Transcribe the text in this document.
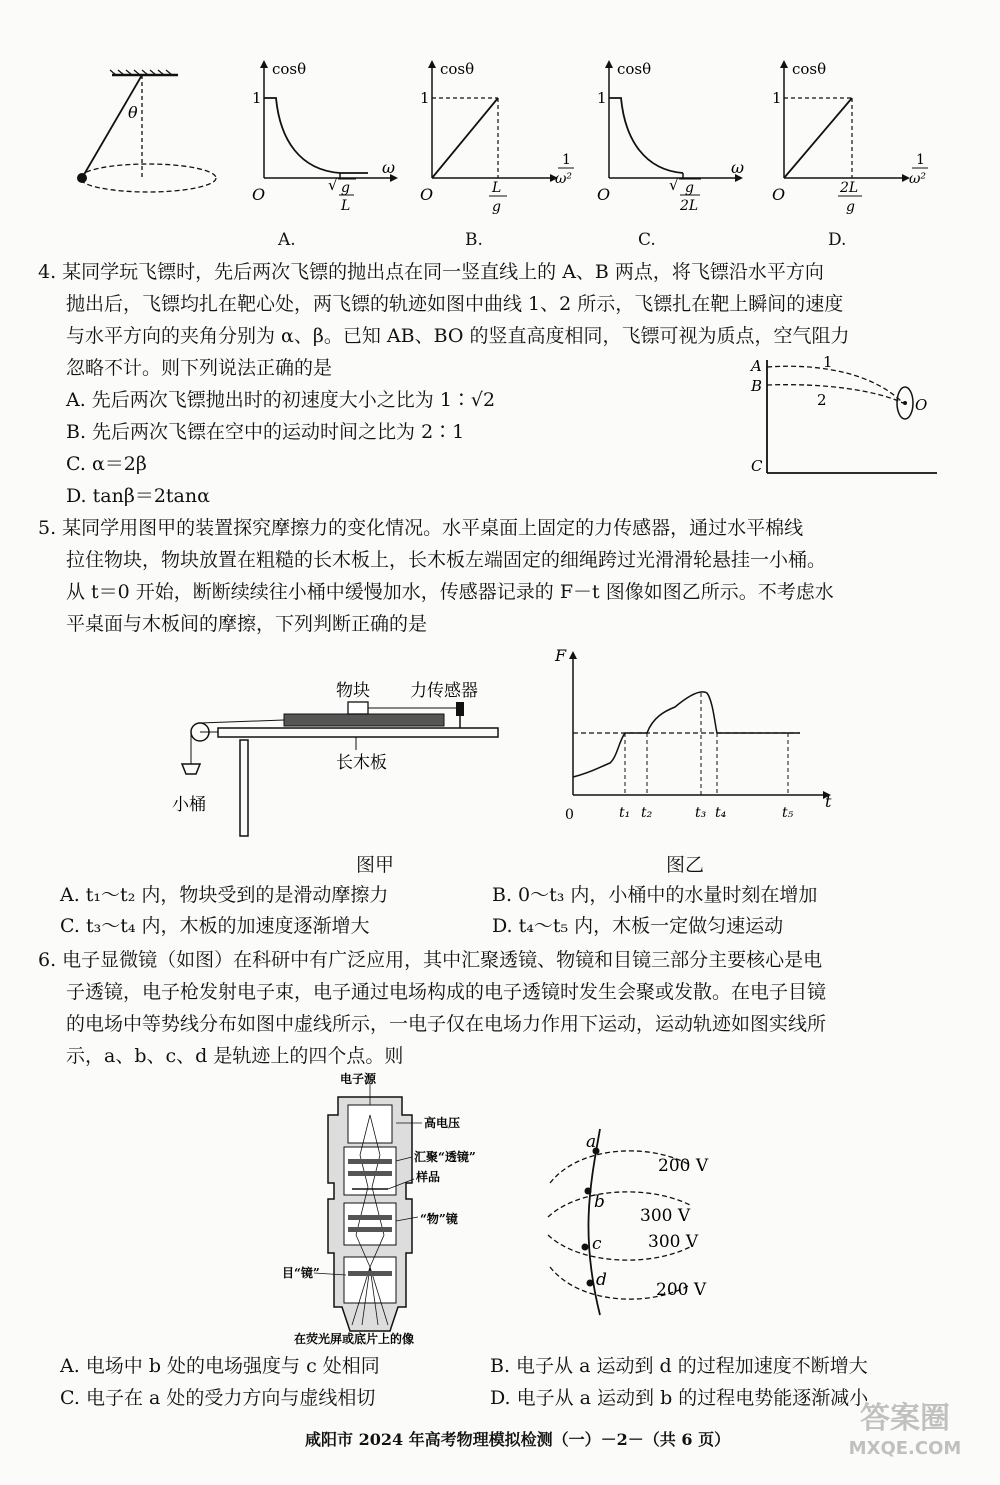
θ
cosθ
ω
1
O	√ g
L
cosθ
1
ω²
1
O	L
g
cosθ
ω
1
O	√ g
2L
cosθ
1
ω²
1
O	2L
g
A.	B.	C.	D.
4. 某同学玩飞镖时，先后两次飞镖的抛出点在同一竖直线上的 A、B 两点，将飞镖沿水平方向
抛出后，飞镖均扎在靶心处，两飞镖的轨迹如图中曲线 1、2 所示，飞镖扎在靶上瞬间的速度
与水平方向的夹角分别为 α、β。已知 AB、BO 的竖直高度相同，飞镖可视为质点，空气阻力
忽略不计。则下列说法正确的是
A. 先后两次飞镖抛出时的初速度大小之比为 1∶√2
B. 先后两次飞镖在空中的运动时间之比为 2∶1
C. α＝2β
D. tanβ＝2tanα
A
B
C
O
1
2
5. 某同学用图甲的装置探究摩擦力的变化情况。水平桌面上固定的力传感器，通过水平棉线
拉住物块，物块放置在粗糙的长木板上，长木板左端固定的细绳跨过光滑滑轮悬挂一小桶。
从 t＝0 开始，断断续续往小桶中缓慢加水，传感器记录的 F－t 图像如图乙所示。不考虑水
平桌面与木板间的摩擦，下列判断正确的是
物块 力传感器
长木板
小桶
图甲
F
t
0	t₁ t₂	t₃ t₄	t₅
图乙
A. t₁～t₂ 内，物块受到的是滑动摩擦力	B. 0～t₃ 内，小桶中的水量时刻在增加
C. t₃～t₄ 内，木板的加速度逐渐增大	D. t₄～t₅ 内，木板一定做匀速运动
6. 电子显微镜（如图）在科研中有广泛应用，其中汇聚透镜、物镜和目镜三部分主要核心是电
子透镜，电子枪发射电子束，电子通过电场构成的电子透镜时发生会聚或发散。在电子目镜
的电场中等势线分布如图中虚线所示，一电子仅在电场力作用下运动，运动轨迹如图实线所
示，a、b、c、d 是轨迹上的四个点。则
电子源
高电压
汇聚“透镜”
样品
“物”镜
目“镜”
在荧光屏或底片上的像
a
b
c
d
200 V
300 V
300 V
200 V
A. 电场中 b 处的电场强度与 c 处相同	B. 电子从 a 运动到 d 的过程加速度不断增大
C. 电子在 a 处的受力方向与虚线相切	D. 电子从 a 运动到 b 的过程电势能逐渐减小
咸阳市 2024 年高考物理模拟检测（一）－2－（共 6 页）
答案圈
MXQE.COM
